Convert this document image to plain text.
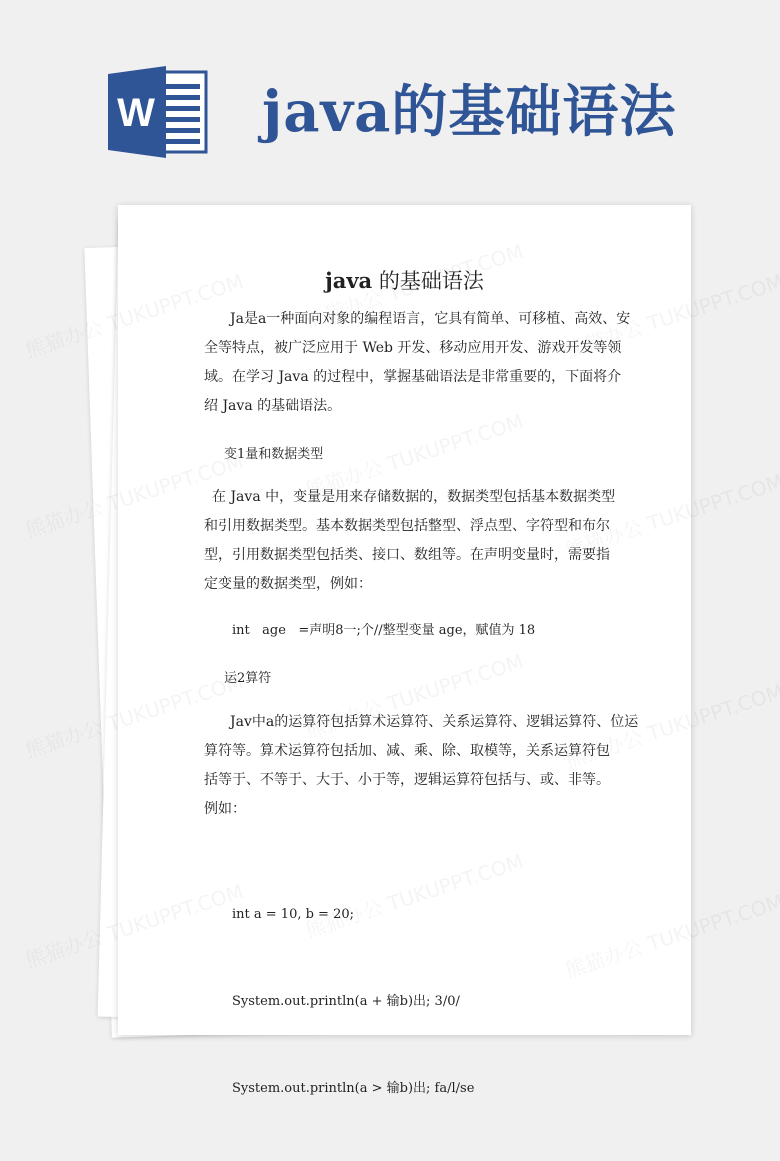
W java的基础语法
java 的基础语法

Ja是a一种面向对象的编程语言，它具有简单、可移植、高效、安
全等特点，被广泛应用于 Web 开发、移动应用开发、游戏开发等领
域。在学习 Java 的过程中，掌握基础语法是非常重要的，下面将介
绍 Java 的基础语法。

变1量和数据类型

在 Java 中，变量是用来存储数据的，数据类型包括基本数据类型
和引用数据类型。基本数据类型包括整型、浮点型、字符型和布尔
型，引用数据类型包括类、接口、数组等。在声明变量时，需要指
定变量的数据类型，例如：

int   age   =声明8一;个//整型变量 age，赋值为 18

运2算符

Jav中a的运算符包括算术运算符、关系运算符、逻辑运算符、位运
算符等。算术运算符包括加、减、乘、除、取模等，关系运算符包
括等于、不等于、大于、小于等，逻辑运算符包括与、或、非等。
例如：

int a = 10, b = 20;

System.out.println(a + 输b)出; 3/0/

System.out.println(a > 输b)出; fa/l/se
